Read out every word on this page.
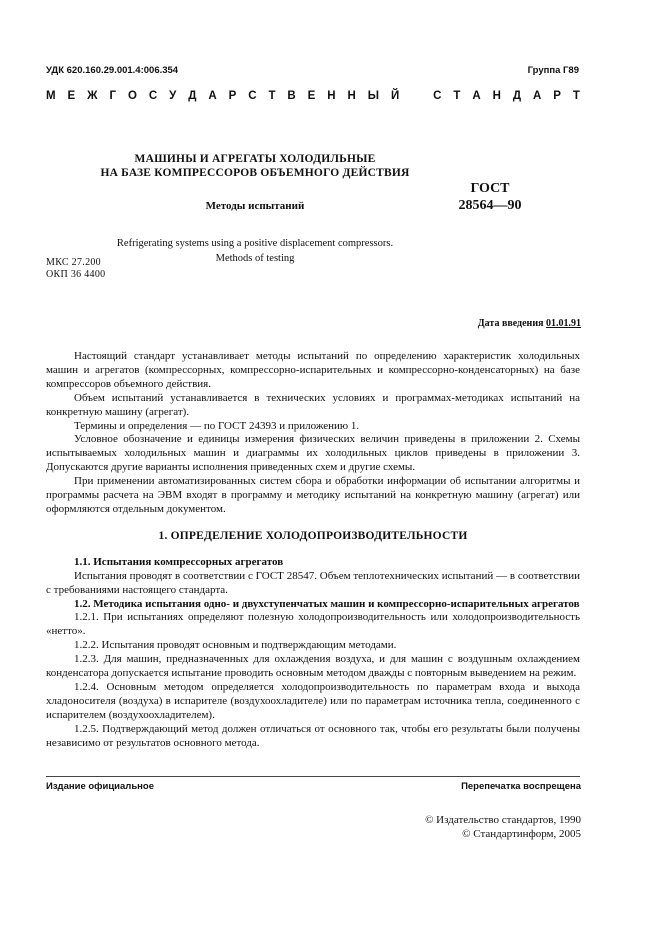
УДК 620.160.29.001.4:006.354	Группа Г89
М Е Ж Г О С У Д А Р С Т В Е Н Н Ы Й	С Т А Н Д А Р Т
МАШИНЫ И АГРЕГАТЫ ХОЛОДИЛЬНЫЕ
НА БАЗЕ КОМПРЕССОРОВ ОБЪЕМНОГО ДЕЙСТВИЯ
Методы испытаний
Refrigerating systems using a positive displacement compressors.
Methods of testing
ГОСТ
28564—90
МКС 27.200
ОКП 36 4400
Дата введения 01.01.91

Настоящий стандарт устанавливает методы испытаний по определению характеристик холодильных машин и агрегатов (компрессорных, компрессорно-испарительных и компрессорно-конденсаторных) на базе компрессоров объемного действия.

Объем испытаний устанавливается в технических условиях и программах-методиках испытаний на конкретную машину (агрегат).

Термины и определения — по ГОСТ 24393 и приложению 1.

Условное обозначение и единицы измерения физических величин приведены в приложении 2. Схемы испытываемых холодильных машин и диаграммы их холодильных циклов приведены в приложении 3. Допускаются другие варианты исполнения приведенных схем и другие схемы.

При применении автоматизированных систем сбора и обработки информации об испытании алгоритмы и программы расчета на ЭВМ входят в программу и методику испытаний на конкретную машину (агрегат) или оформляются отдельным документом.

1. ОПРЕДЕЛЕНИЕ ХОЛОДОПРОИЗВОДИТЕЛЬНОСТИ
1.1. Испытания компрессорных агрегатов

Испытания проводят в соответствии с ГОСТ 28547. Объем теплотехнических испытаний — в соответствии с требованиями настоящего стандарта.

1.2. Методика испытания одно- и двухступенчатых машин и компрессорно-испарительных агрегатов

1.2.1. При испытаниях определяют полезную холодопроизводительность или холодопроизводительность «нетто».

1.2.2. Испытания проводят основным и подтверждающим методами.

1.2.3. Для машин, предназначенных для охлаждения воздуха, и для машин с воздушным охлаждением конденсатора допускается испытание проводить основным методом дважды с повторным выведением на режим.

1.2.4. Основным методом определяется холодопроизводительность по параметрам входа и выхода хладоносителя (воздуха) в испарителе (воздухоохладителе) или по параметрам источника тепла, соединенного с испарителем (воздухоохладителем).

1.2.5. Подтверждающий метод должен отличаться от основного так, чтобы его результаты были получены независимо от результатов основного метода.

Издание официальное	Перепечатка воспрещена
© Издательство стандартов, 1990
© Стандартинформ, 2005
